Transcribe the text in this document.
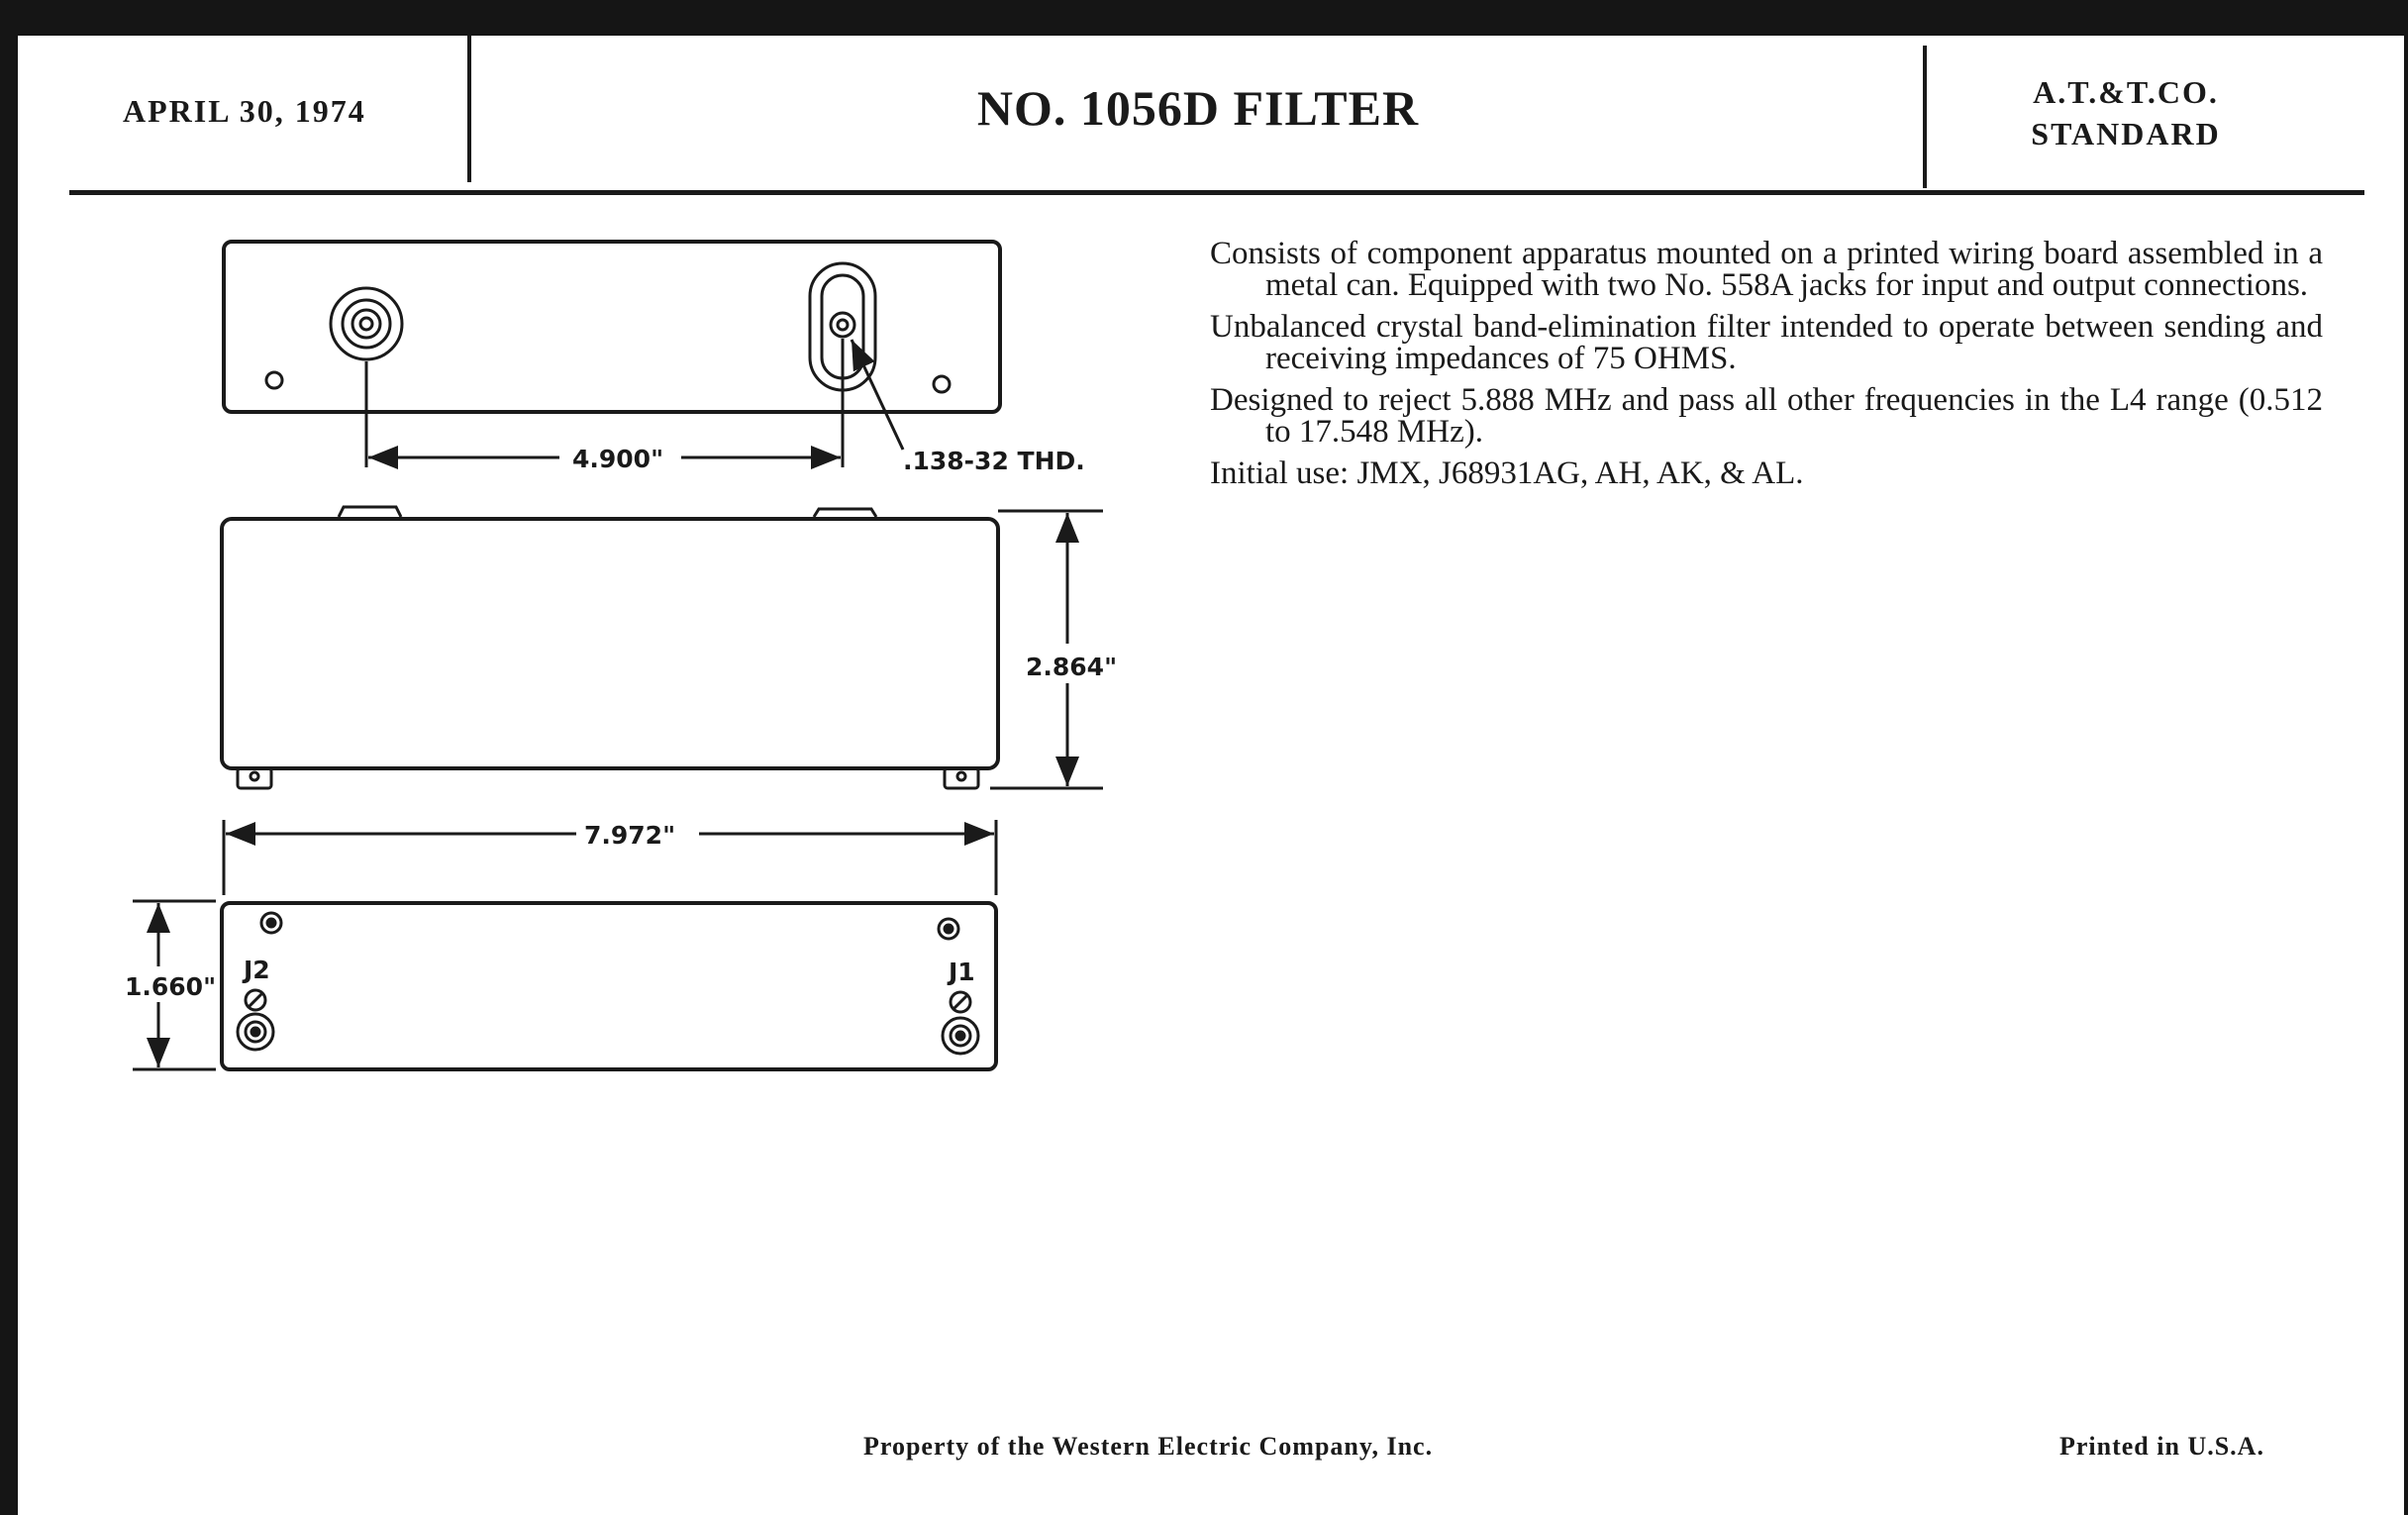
APRIL 30, 1974	NO. 1056D FILTER	A.T.&T.CO.
STANDARD

Consists of component apparatus mounted on a printed wiring board assembled in a metal can. Equipped with two No. 558A jacks for input and output connections.

Unbalanced crystal band-elimination filter intended to operate between sending and receiving impedances of 75 OHMS.

Designed to reject 5.888 MHz and pass all other frequencies in the L4 range (0.512 to 17.548 MHz).

Initial use: JMX, J68931AG, AH, AK, & AL.

Property of the Western Electric Company, Inc.	Printed in U.S.A.
4.900"	.138-32 THD.
2.864"
7.972"
J2	J1
1.660"
